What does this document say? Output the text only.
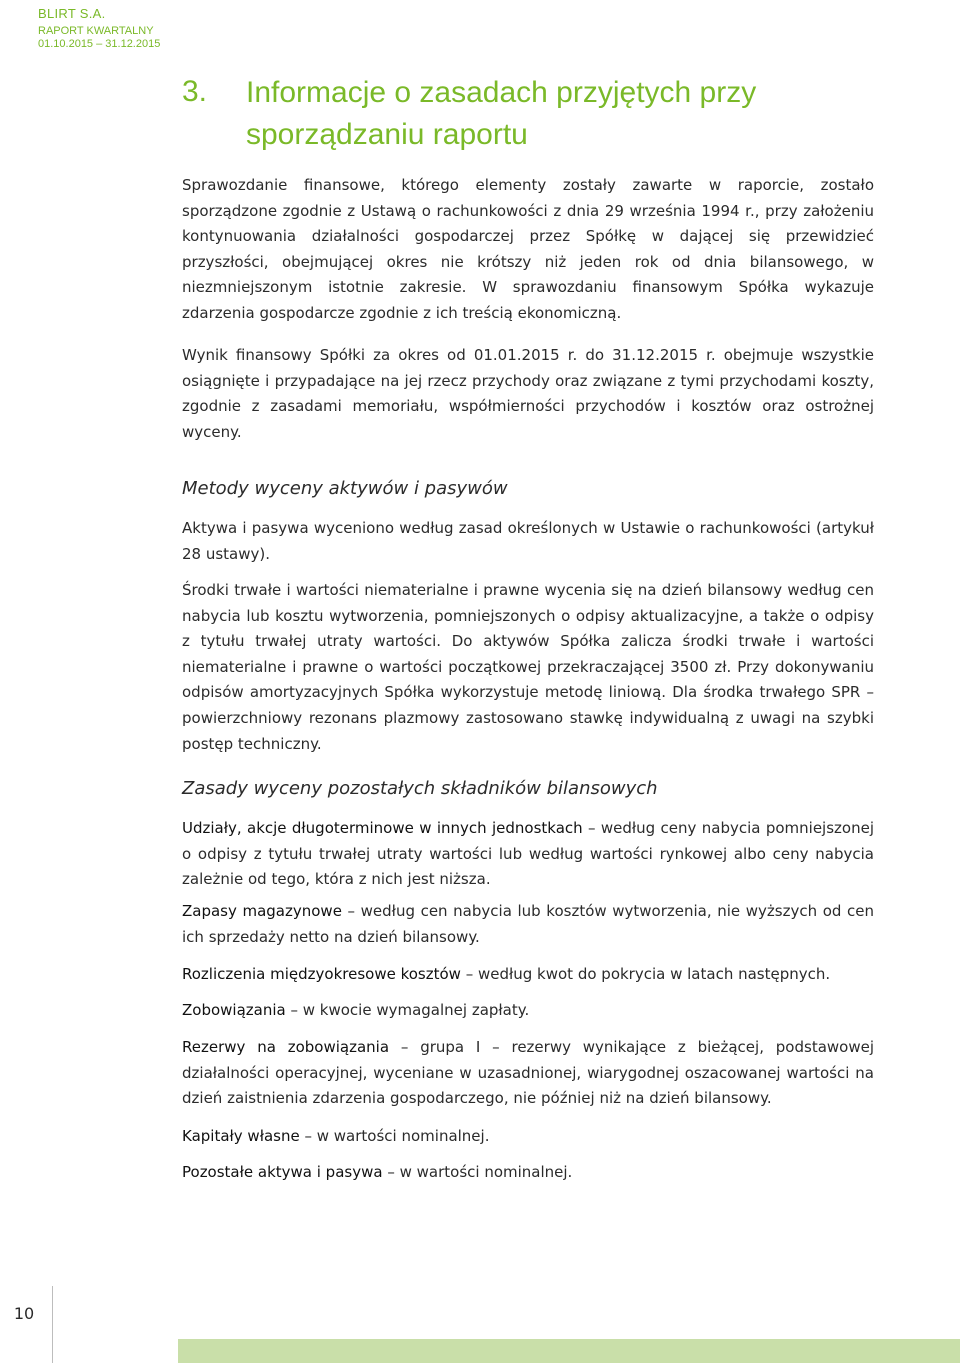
BLIRT S.A.
RAPORT KWARTALNY
01.10.2015 – 31.12.2015
3. Informacje o zasadach przyjętych przy sporządzaniu raportu

Sprawozdanie finansowe, którego elementy zostały zawarte w raporcie, zostało sporządzone zgodnie z Ustawą o rachunkowości z dnia 29 września 1994 r., przy założeniu kontynuowania działalności gospodarczej przez Spółkę w dającej się przewidzieć przyszłości, obejmującej okres nie krótszy niż jeden rok od dnia bilansowego, w niezmniejszonym istotnie zakresie. W sprawozdaniu finansowym Spółka wykazuje zdarzenia gospodarcze zgodnie z ich treścią ekonomiczną.

Wynik finansowy Spółki za okres od 01.01.2015 r. do 31.12.2015 r. obejmuje wszystkie osiągnięte i przypadające na jej rzecz przychody oraz związane z tymi przychodami koszty, zgodnie z zasadami memoriału, współmierności przychodów i kosztów oraz ostrożnej wyceny.

Metody wyceny aktywów i pasywów

Aktywa i pasywa wyceniono według zasad określonych w Ustawie o rachunkowości (artykuł 28 ustawy).

Środki trwałe i wartości niematerialne i prawne wycenia się na dzień bilansowy według cen nabycia lub kosztu wytworzenia, pomniejszonych o odpisy aktualizacyjne, a także o odpisy z tytułu trwałej utraty wartości. Do aktywów Spółka zalicza środki trwałe i wartości niematerialne i prawne o wartości początkowej przekraczającej 3500 zł. Przy dokonywaniu odpisów amortyzacyjnych Spółka wykorzystuje metodę liniową. Dla środka trwałego SPR – powierzchniowy rezonans plazmowy zastosowano stawkę indywidualną z uwagi na szybki postęp techniczny.

Zasady wyceny pozostałych składników bilansowych

Udziały, akcje długoterminowe w innych jednostkach – według ceny nabycia pomniejszonej o odpisy z tytułu trwałej utraty wartości lub według wartości rynkowej albo ceny nabycia zależnie od tego, która z nich jest niższa.

Zapasy magazynowe – według cen nabycia lub kosztów wytworzenia, nie wyższych od cen ich sprzedaży netto na dzień bilansowy.

Rozliczenia międzyokresowe kosztów – według kwot do pokrycia w latach następnych.

Zobowiązania – w kwocie wymagalnej zapłaty.

Rezerwy na zobowiązania – grupa I – rezerwy wynikające z bieżącej, podstawowej działalności operacyjnej, wyceniane w uzasadnionej, wiarygodnej oszacowanej wartości na dzień zaistnienia zdarzenia gospodarczego, nie później niż na dzień bilansowy.

Kapitały własne – w wartości nominalnej.

Pozostałe aktywa i pasywa – w wartości nominalnej.

10
